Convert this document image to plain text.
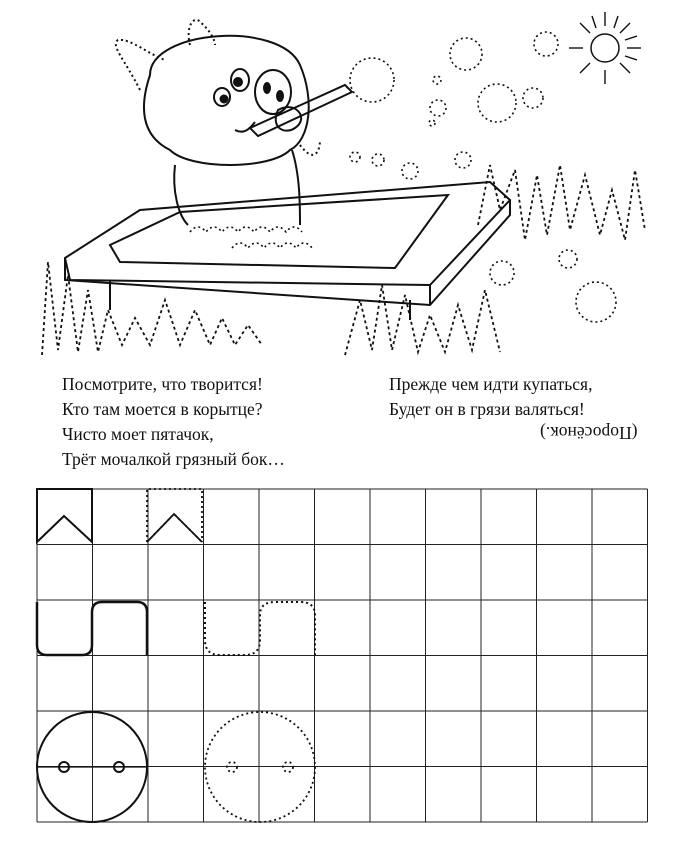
Посмотрите, что творится!
Кто там моется в корытце?
Чисто моет пятачок,
Трёт мочалкой грязный бок…
Прежде чем идти купаться,
Будет он в грязи валяться!
(Поросёнок.)
